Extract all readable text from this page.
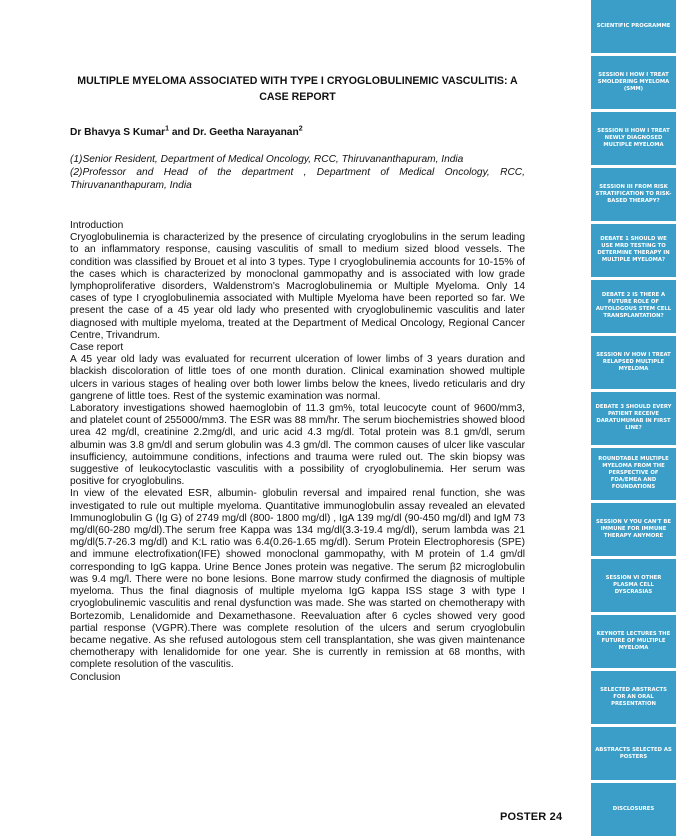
MULTIPLE MYELOMA ASSOCIATED WITH TYPE I CRYOGLOBULINEMIC VASCULITIS: A CASE REPORT
Dr Bhavya S Kumar$^1$ and Dr. Geetha Narayanan$^2$

(1)Senior Resident, Department of Medical Oncology, RCC, Thiruvananthapuram, India

(2)Professor and Head of the department , Department of Medical Oncology, RCC, Thiruvananthapuram, India

Introduction

Cryoglobulinemia is characterized by the presence of circulating cryoglobulins in the serum leading to an inflammatory response, causing vasculitis of small to medium sized blood vessels. The condition was classified by Brouet et al into 3 types. Type I cryoglobulinemia accounts for 10-15% of the cases which is characterized by monoclonal gammopathy and is associated with low grade lymphoproliferative disorders, Waldenstrom's Macroglobulinemia or Multiple Myeloma. Only 14 cases of type I cryoglobulinemia associated with Multiple Myeloma have been reported so far. We present the case of a 45 year old lady who presented with cryoglobulinemic vasculitis and later diagnosed with multiple myeloma, treated at the Department of Medical Oncology, Regional Cancer Centre, Trivandrum.

Case report

A 45 year old lady was evaluated for recurrent ulceration of lower limbs of 3 years duration and blackish discoloration of little toes of one month duration. Clinical examination showed multiple ulcers in various stages of healing over both lower limbs below the knees, livedo reticularis and dry gangrene of little toes. Rest of the systemic examination was normal.

Laboratory investigations showed haemoglobin of 11.3 gm%, total leucocyte count of 9600/mm3, and platelet count of 255000/mm3. The ESR was 88 mm/hr. The serum biochemistries showed blood urea 42 mg/dl, creatinine 2.2mg/dl, and uric acid 4.3 mg/dl. Total protein was 8.1 gm/dl, serum albumin was 3.8 gm/dl and serum globulin was 4.3 gm/dl. The common causes of ulcer like vascular insufficiency, autoimmune conditions, infections and trauma were ruled out. The skin biopsy was suggestive of leukocytoclastic vasculitis with a possibility of cryoglobulinemia. Her serum was positive for cryoglobulins.

In view of the elevated ESR, albumin- globulin reversal and impaired renal function, she was investigated to rule out multiple myeloma. Quantitative immunoglobulin assay revealed an elevated Immunoglobulin G (Ig G) of 2749 mg/dl (800- 1800 mg/dl) , IgA 139 mg/dl (90-450 mg/dl) and IgM 73 mg/dl(60-280 mg/dl).The serum free Kappa was 134 mg/dl(3.3-19.4 mg/dl), serum lambda was 21 mg/dl(5.7-26.3 mg/dl) and K:L ratio was 6.4(0.26-1.65 mg/dl). Serum Protein Electrophoresis (SPE) and immune electrofixation(IFE) showed monoclonal gammopathy, with M protein of 1.4 gm/dl corresponding to IgG kappa. Urine Bence Jones protein was negative. The serum β2 microglobulin was 9.4 mg/l. There were no bone lesions. Bone marrow study confirmed the diagnosis of multiple myeloma. Thus the final diagnosis of multiple myeloma IgG kappa ISS stage 3 with type I cryoglobulinemic vasculitis and renal dysfunction was made. She was started on chemotherapy with Bortezomib, Lenalidomide and Dexamethasone. Reevaluation after 6 cycles showed very good partial response (VGPR).There was complete resolution of the ulcers and serum cryoglobulin became negative. As she refused autologous stem cell transplantation, she was given maintenance chemotherapy with lenalidomide for one year. She is currently in remission at 68 months, with complete resolution of the vasculitis.

Conclusion

POSTER 24
SCIENTIFIC PROGRAMME
SESSION I HOW I TREAT SMOLDERING MYELOMA (SMM)
SESSION II HOW I TREAT NEWLY DIAGNOSED MULTIPLE MYELOMA
SESSION III FROM RISK STRATIFICATION TO RISK-BASED THERAPY?
DEBATE 1 SHOULD WE USE MRD TESTING TO DETERMINE THERAPY IN MULTIPLE MYELOMA?
DEBATE 2 IS THERE A FUTURE ROLE OF AUTOLOGOUS STEM CELL TRANSPLANTATION?
SESSION IV HOW I TREAT RELAPSED MULTIPLE MYELOMA
DEBATE 3 SHOULD EVERY PATIENT RECEIVE DARATUMUMAB IN FIRST LINE?
ROUNDTABLE MULTIPLE MYELOMA FROM THE PERSPECTIVE OF FDA/EMEA AND FOUNDATIONS
SESSION V YOU CAN'T BE IMMUNE FOR IMMUNE THERAPY ANYMORE
SESSION VI OTHER PLASMA CELL DYSCRASIAS
KEYNOTE LECTURES THE FUTURE OF MULTIPLE MYELOMA
SELECTED ABSTRACTS FOR AN ORAL PRESENTATION
ABSTRACTS SELECTED AS POSTERS
DISCLOSURES
